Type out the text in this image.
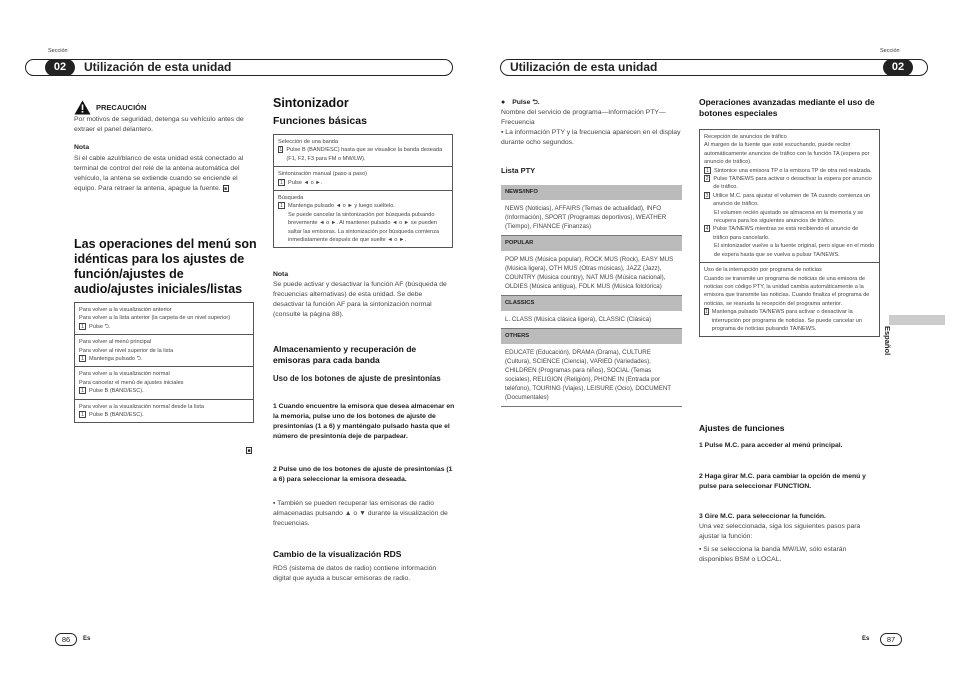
Sección
02	Utilización de esta unidad
Sección
02
Utilización de esta unidad
PRECAUCIÓN
Por motivos de seguridad, detenga su vehículo antes de extraer el panel delantero.
Nota
Si el cable azul/blanco de esta unidad está conectado al terminal de control del relé de la antena automática del vehículo, la antena se extiende cuando se enciende el equipo. Para retraer la antena, apague la fuente. ■
Las operaciones del menú son idénticas para los ajustes de función/ajustes de audio/ajustes iniciales/listas
Para volver a la visualización anterior
Para volver a la lista anterior (la carpeta de un nivel superior)
1 Pulse ⮌.
Para volver al menú principal
Para volver al nivel superior de la lista
1 Mantenga pulsado ⮌.
Para volver a la visualización normal
Para cancelar el menú de ajustes iniciales
1 Pulse B (BAND/ESC).
Para volver a la visualización normal desde la lista
1 Pulse B (BAND/ESC).
■
Sintonizador
Funciones básicas
Selección de una banda
1 Pulse B (BAND/ESC) hasta que se visualice la banda deseada (F1, F2, F3 para FM o MW/LW).
Sintonización manual (paso a paso)
1 Pulse ◄ o ►.
Búsqueda
1 Mantenga pulsado ◄ o ► y luego suéltelo.
Se puede cancelar la sintonización por búsqueda pulsando brevemente ◄ o ►. Al mantener pulsado ◄ o ► se pueden saltar las emisoras. La sintonización por búsqueda comienza inmediatamente después de que suelte ◄ o ►.
Nota
Se puede activar y desactivar la función AF (búsqueda de frecuencias alternativas) de esta unidad. Se debe desactivar la función AF para la sintonización normal (consulte la página 88).
Almacenamiento y recuperación de emisoras para cada banda
Uso de los botones de ajuste de presintonías
1 Cuando encuentre la emisora que desea almacenar en la memoria, pulse uno de los botones de ajuste de presintonías (1 a 6) y manténgalo pulsado hasta que el número de presintonía deje de parpadear.
2 Pulse uno de los botones de ajuste de presintonías (1 a 6) para seleccionar la emisora deseada.
▪ También se pueden recuperar las emisoras de radio almacenadas pulsando ▲ o ▼ durante la visualización de frecuencias.
Cambio de la visualización RDS
RDS (sistema de datos de radio) contiene información digital que ayuda a buscar emisoras de radio.
● Pulse ⮌.
Nombre del servicio de programa—Información PTY—Frecuencia
▪ La información PTY y la frecuencia aparecen en el display durante ocho segundos.
Lista PTY
NEWS/INFO
NEWS (Noticias), AFFAIRS (Temas de actualidad), INFO (Información), SPORT (Programas deportivos), WEATHER (Tiempo), FINANCE (Finanzas)
POPULAR
POP MUS (Música popular), ROCK MUS (Rock), EASY MUS (Música ligera), OTH MUS (Otras músicas), JAZZ (Jazz), COUNTRY (Música country), NAT MUS (Música nacional), OLDIES (Música antigua), FOLK MUS (Música folclórica)
CLASSICS
L. CLASS (Música clásica ligera), CLASSIC (Clásica)
OTHERS
EDUCATE (Educación), DRAMA (Drama), CULTURE (Cultura), SCIENCE (Ciencia), VARIED (Variedades), CHILDREN (Programas para niños), SOCIAL (Temas sociales), RELIGION (Religión), PHONE IN (Entrada por teléfono), TOURING (Viajes), LEISURE (Ocio), DOCUMENT (Documentales)
Operaciones avanzadas mediante el uso de botones especiales
Recepción de anuncios de tráfico
Al margen de la fuente que esté escuchando, puede recibir automáticamente anuncios de tráfico con la función TA (espera por anuncio de tráfico).
1 Sintonice una emisora TP o la emisora TP de otra red realzada.
2 Pulse TA/NEWS para activar o desactivar la espera por anuncio de tráfico.
3 Utilice M.C. para ajustar el volumen de TA cuando comienza un anuncio de tráfico.
El volumen recién ajustado se almacena en la memoria y se recupera para los siguientes anuncios de tráfico.
4 Pulse TA/NEWS mientras se está recibiendo el anuncio de tráfico para cancelarlo.
El sintonizador vuelve a la fuente original, pero sigue en el modo de espera hasta que se vuelva a pulsar TA/NEWS.
Uso de la interrupción por programa de noticias
Cuando se transmite un programa de noticias de una emisora de noticias con código PTY, la unidad cambia automáticamente a la emisora que transmite las noticias. Cuando finaliza el programa de noticias, se reanuda la recepción del programa anterior.
1 Mantenga pulsado TA/NEWS para activar o desactivar la interrupción por programa de noticias. Se puede cancelar un programa de noticias pulsando TA/NEWS.
Ajustes de funciones
1 Pulse M.C. para acceder al menú principal.
2 Haga girar M.C. para cambiar la opción de menú y pulse para seleccionar FUNCTION.
3 Gire M.C. para seleccionar la función.
Una vez seleccionada, siga los siguientes pasos para ajustar la función:
▪ Si se selecciona la banda MW/LW, sólo estarán disponibles BSM o LOCAL.
Español
86	Es	Es	87
